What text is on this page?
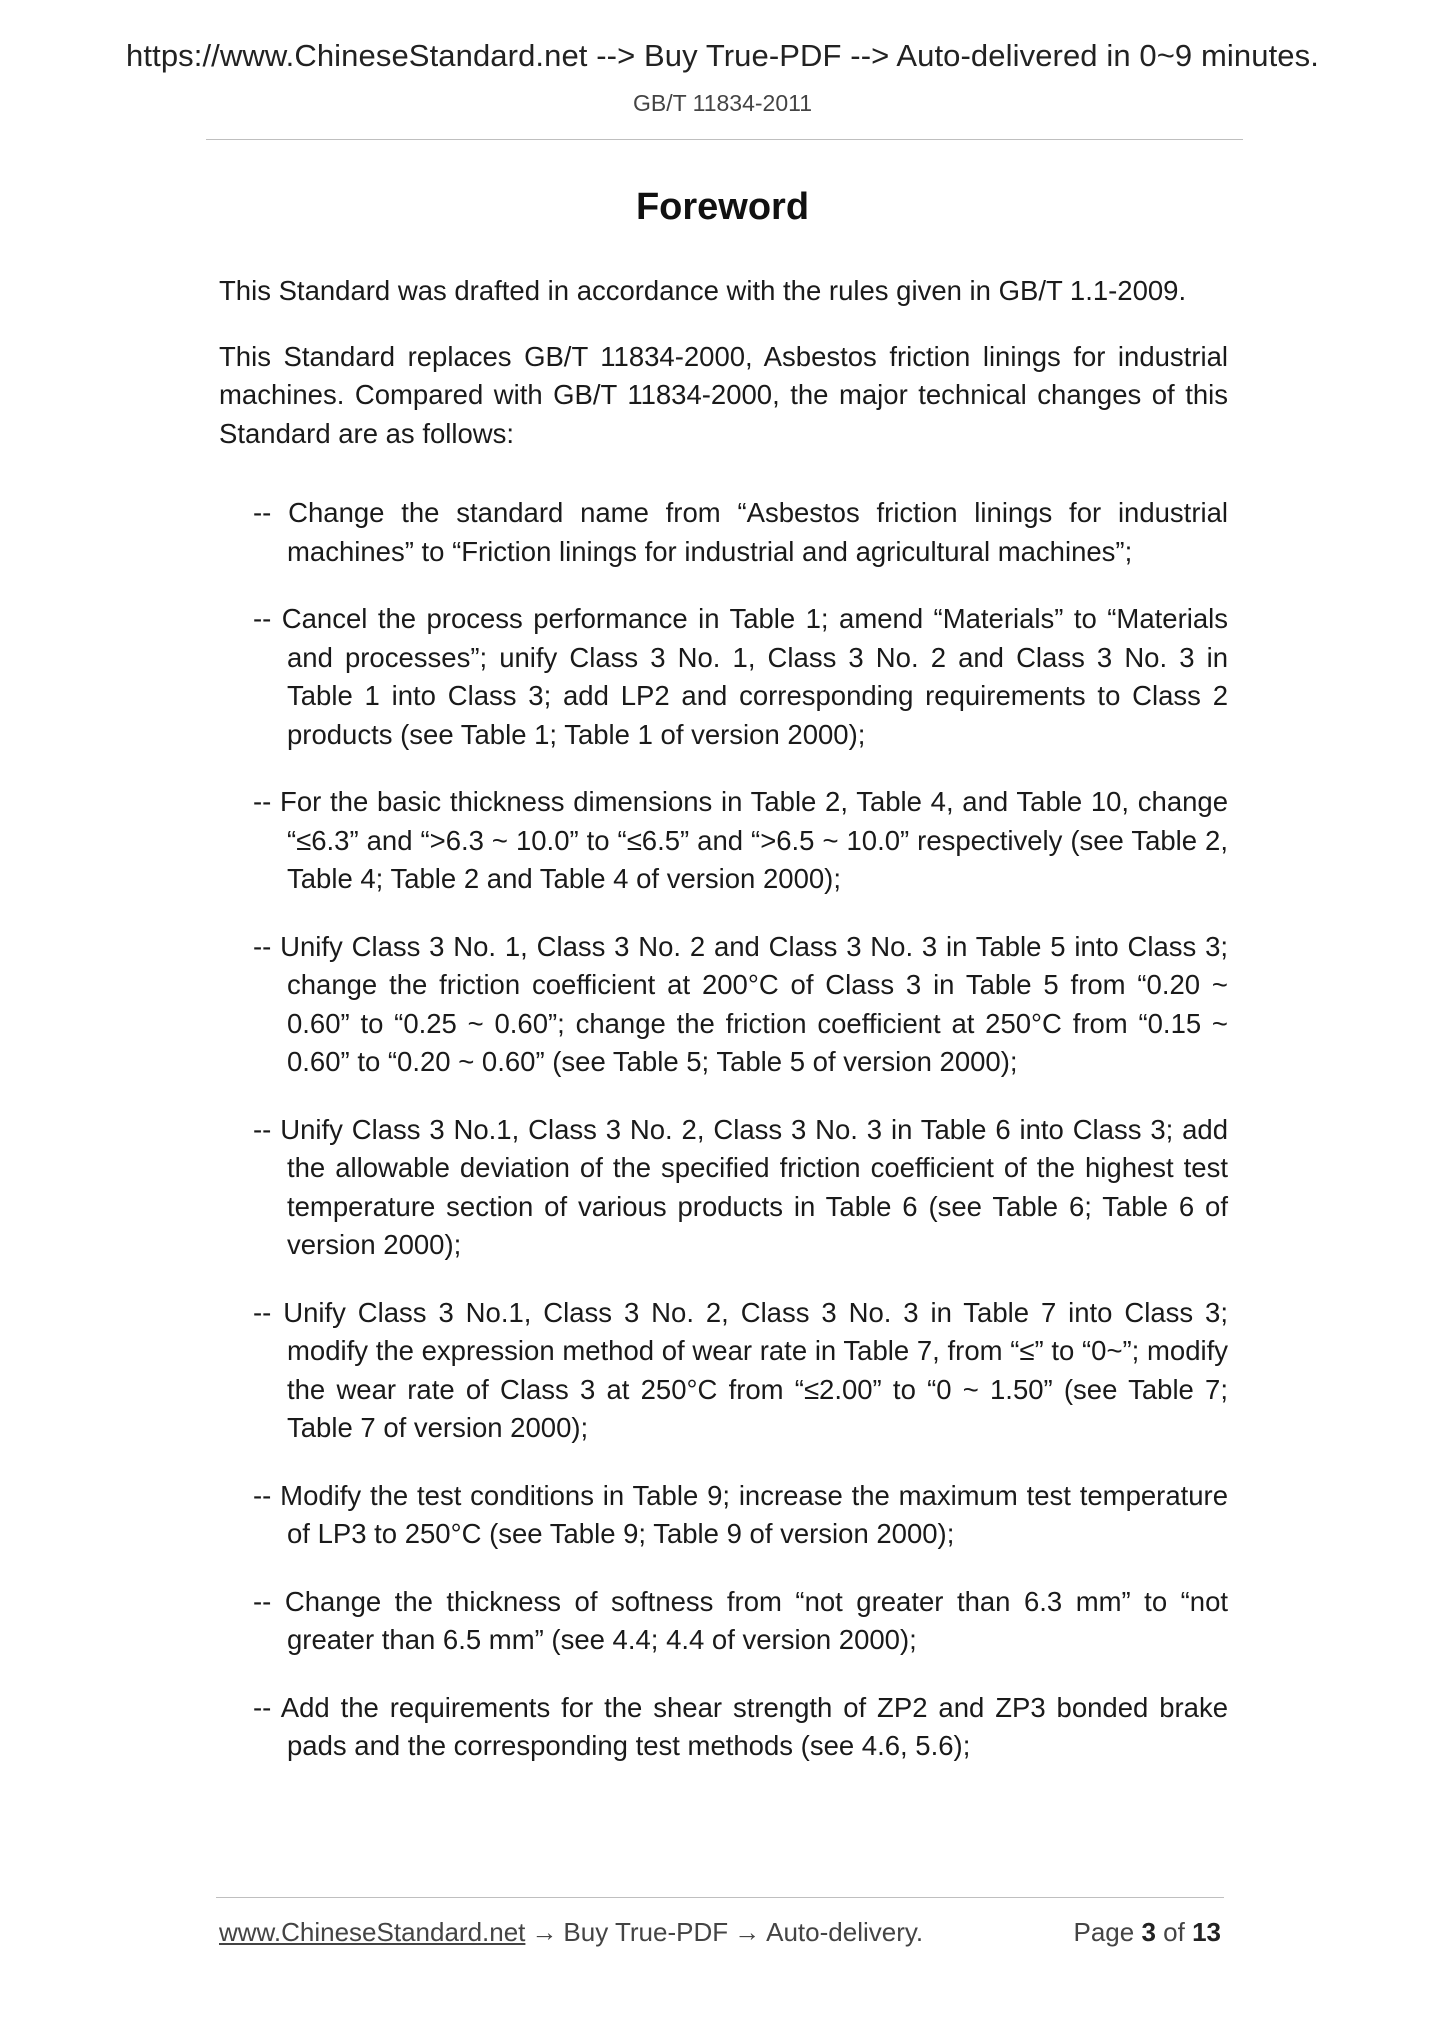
https://www.ChineseStandard.net --> Buy True-PDF --> Auto-delivered in 0~9 minutes.
GB/T 11834-2011
Foreword

This Standard was drafted in accordance with the rules given in GB/T 1.1-2009.

This Standard replaces GB/T 11834-2000, Asbestos friction linings for industrial machines. Compared with GB/T 11834-2000, the major technical changes of this Standard are as follows:

-- Change the standard name from “Asbestos friction linings for industrial machines” to “Friction linings for industrial and agricultural machines”;
-- Cancel the process performance in Table 1; amend “Materials” to “Materials and processes”; unify Class 3 No. 1, Class 3 No. 2 and Class 3 No. 3 in Table 1 into Class 3; add LP2 and corresponding requirements to Class 2 products (see Table 1; Table 1 of version 2000);
-- For the basic thickness dimensions in Table 2, Table 4, and Table 10, change “≤6.3” and “>6.3 ~ 10.0” to “≤6.5” and “>6.5 ~ 10.0” respectively (see Table 2, Table 4; Table 2 and Table 4 of version 2000);
-- Unify Class 3 No. 1, Class 3 No. 2 and Class 3 No. 3 in Table 5 into Class 3; change the friction coefficient at 200°C of Class 3 in Table 5 from “0.20 ~ 0.60” to “0.25 ~ 0.60”; change the friction coefficient at 250°C from “0.15 ~ 0.60” to “0.20 ~ 0.60” (see Table 5; Table 5 of version 2000);
-- Unify Class 3 No.1, Class 3 No. 2, Class 3 No. 3 in Table 6 into Class 3; add the allowable deviation of the specified friction coefficient of the highest test temperature section of various products in Table 6 (see Table 6; Table 6 of version 2000);
-- Unify Class 3 No.1, Class 3 No. 2, Class 3 No. 3 in Table 7 into Class 3; modify the expression method of wear rate in Table 7, from “≤” to “0~”; modify the wear rate of Class 3 at 250°C from “≤2.00” to “0 ~ 1.50” (see Table 7; Table 7 of version 2000);
-- Modify the test conditions in Table 9; increase the maximum test temperature of LP3 to 250°C (see Table 9; Table 9 of version 2000);
-- Change the thickness of softness from “not greater than 6.3 mm” to “not greater than 6.5 mm” (see 4.4; 4.4 of version 2000);
-- Add the requirements for the shear strength of ZP2 and ZP3 bonded brake pads and the corresponding test methods (see 4.6, 5.6);
www.ChineseStandard.net → Buy True-PDF → Auto-delivery.	Page 3 of 13
